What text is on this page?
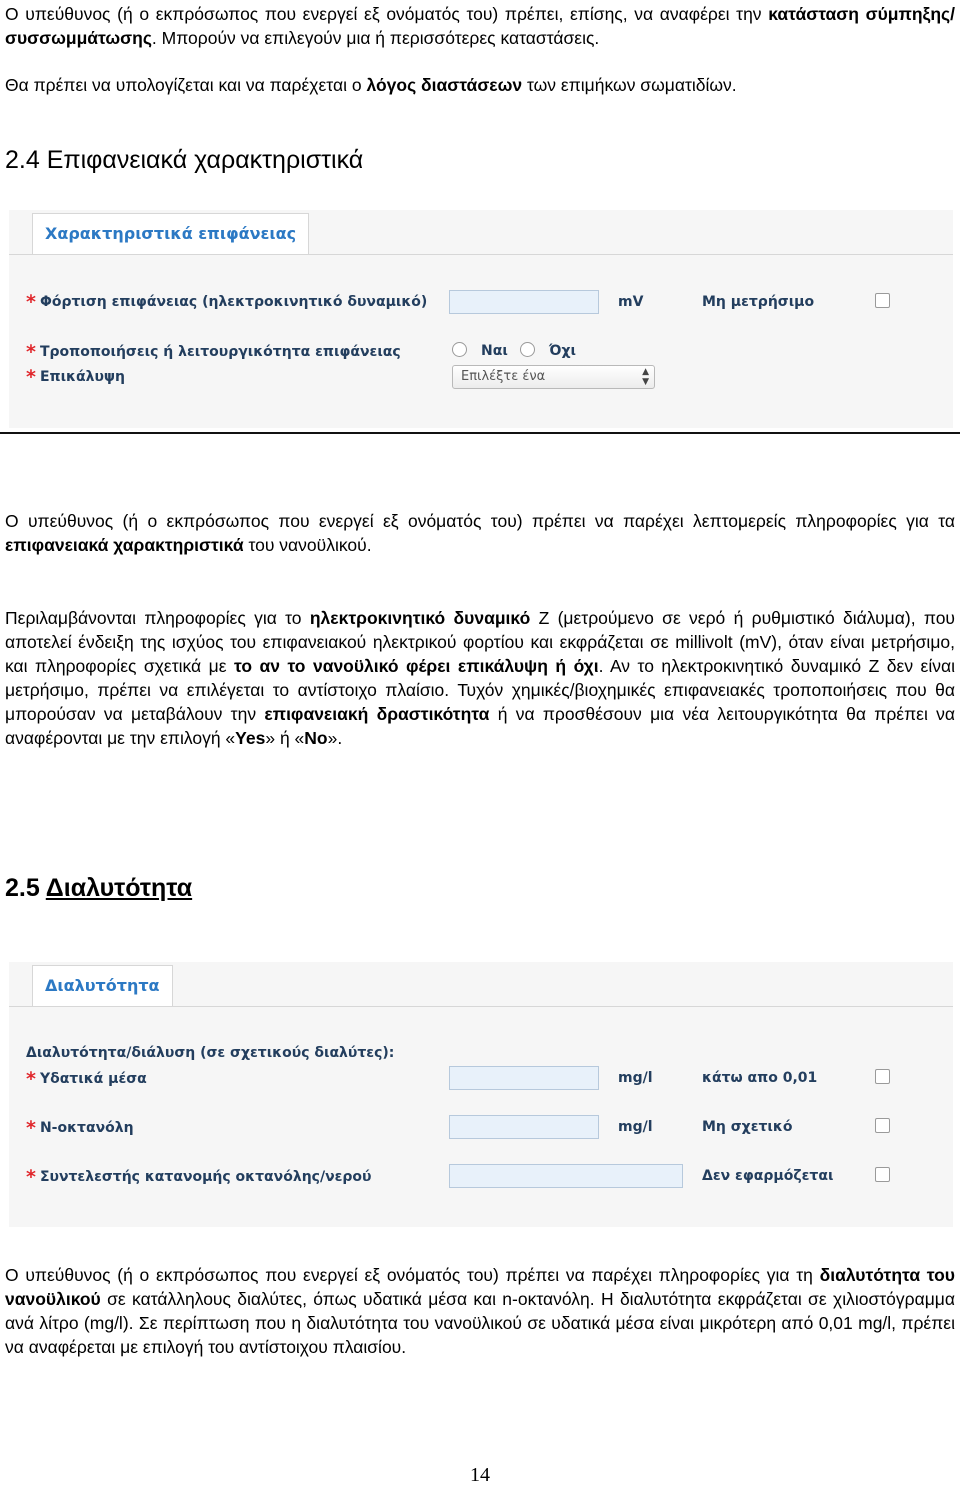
Ο υπεύθυνος (ή ο εκπρόσωπος που ενεργεί εξ ονόματός του) πρέπει, επίσης, να αναφέρει την κατάσταση σύμπηξης/συσσωμμάτωσης. Μπορούν να επιλεγούν μια ή περισσότερες καταστάσεις.

Θα πρέπει να υπολογίζεται και να παρέχεται ο λόγος διαστάσεων των επιμήκων σωματιδίων.

2.4 Επιφανειακά χαρακτηριστικά
Χαρακτηριστικά επιφάνειας
* Φόρτιση επιφάνειας (ηλεκτροκινητικό δυναμικό)	mV	Μη μετρήσιμο
* Τροποποιήσεις ή λειτουργικότητα επιφάνειας	Ναι	Όχι
* Επικάλυψη	Επιλέξτε ένα	▲
▼

Ο υπεύθυνος (ή ο εκπρόσωπος που ενεργεί εξ ονόματός του) πρέπει να παρέχει λεπτομερείς πληροφορίες για τα επιφανειακά χαρακτηριστικά του νανοϋλικού.

Περιλαμβάνονται πληροφορίες για το ηλεκτροκινητικό δυναμικό Ζ (μετρούμενο σε νερό ή ρυθμιστικό διάλυμα), που αποτελεί ένδειξη της ισχύος του επιφανειακού ηλεκτρικού φορτίου και εκφράζεται σε millivolt (mV), όταν είναι μετρήσιμο, και πληροφορίες σχετικά με το αν το νανοϋλικό φέρει επικάλυψη ή όχι. Αν το ηλεκτροκινητικό δυναμικό Ζ δεν είναι μετρήσιμο, πρέπει να επιλέγεται το αντίστοιχο πλαίσιο. Τυχόν χημικές/βιοχημικές επιφανειακές τροποποιήσεις που θα μπορούσαν να μεταβάλουν την επιφανειακή δραστικότητα ή να προσθέσουν μια νέα λειτουργικότητα θα πρέπει να αναφέρονται με την επιλογή «Yes» ή «No».

2.5 Διαλυτότητα
Διαλυτότητα
Διαλυτότητα/διάλυση (σε σχετικούς διαλύτες):
* Υδατικά μέσα	mg/l	κάτω απο 0,01
* N-οκτανόλη	mg/l	Μη σχετικό
* Συντελεστής κατανομής οκτανόλης/νερού	Δεν εφαρμόζεται

Ο υπεύθυνος (ή ο εκπρόσωπος που ενεργεί εξ ονόματός του) πρέπει να παρέχει πληροφορίες για τη διαλυτότητα του νανοϋλικού σε κατάλληλους διαλύτες, όπως υδατικά μέσα και n-οκτανόλη. Η διαλυτότητα εκφράζεται σε χιλιοστόγραμμα ανά λίτρο (mg/l). Σε περίπτωση που η διαλυτότητα του νανοϋλικού σε υδατικά μέσα είναι μικρότερη από 0,01 mg/l, πρέπει να αναφέρεται με επιλογή του αντίστοιχου πλαισίου.

14
